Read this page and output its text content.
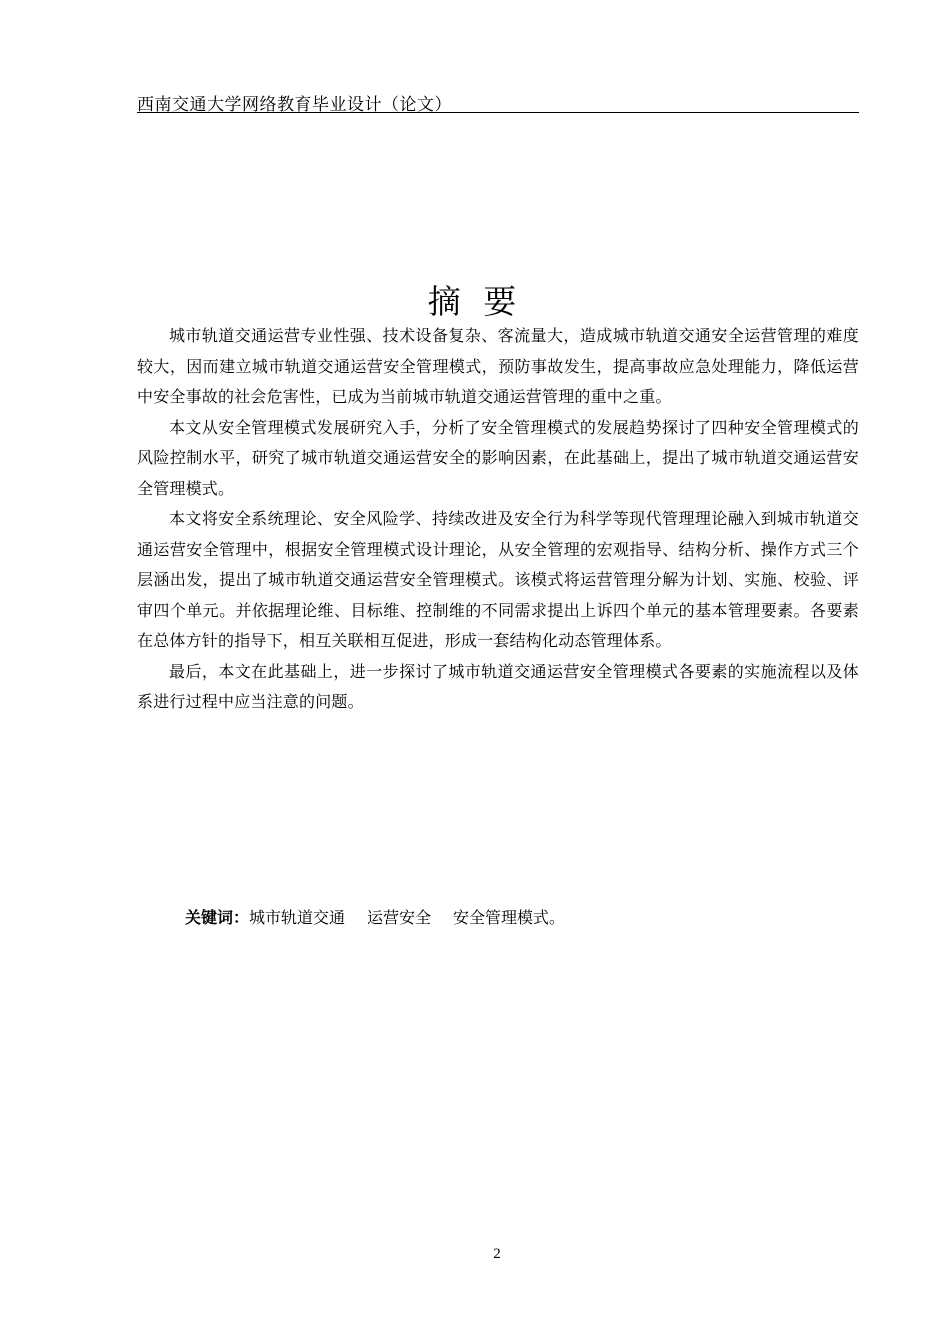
西南交通大学网络教育毕业设计（论文）
摘 要

城市轨道交通运营专业性强、技术设备复杂、客流量大，造成城市轨道交通安全运营管理的难度较大，因而建立城市轨道交通运营安全管理模式，预防事故发生，提高事故应急处理能力，降低运营中安全事故的社会危害性，已成为当前城市轨道交通运营管理的重中之重。

本文从安全管理模式发展研究入手，分析了安全管理模式的发展趋势探讨了四种安全管理模式的风险控制水平，研究了城市轨道交通运营安全的影响因素，在此基础上，提出了城市轨道交通运营安全管理模式。

本文将安全系统理论、安全风险学、持续改进及安全行为科学等现代管理理论融入到城市轨道交通运营安全管理中，根据安全管理模式设计理论，从安全管理的宏观指导、结构分析、操作方式三个层涵出发，提出了城市轨道交通运营安全管理模式。该模式将运营管理分解为计划、实施、校验、评审四个单元。并依据理论维、目标维、控制维的不同需求提出上诉四个单元的基本管理要素。各要素在总体方针的指导下，相互关联相互促进，形成一套结构化动态管理体系。

最后，本文在此基础上，进一步探讨了城市轨道交通运营安全管理模式各要素的实施流程以及体系进行过程中应当注意的问题。

关键词：城市轨道交通 运营安全 安全管理模式。
2
